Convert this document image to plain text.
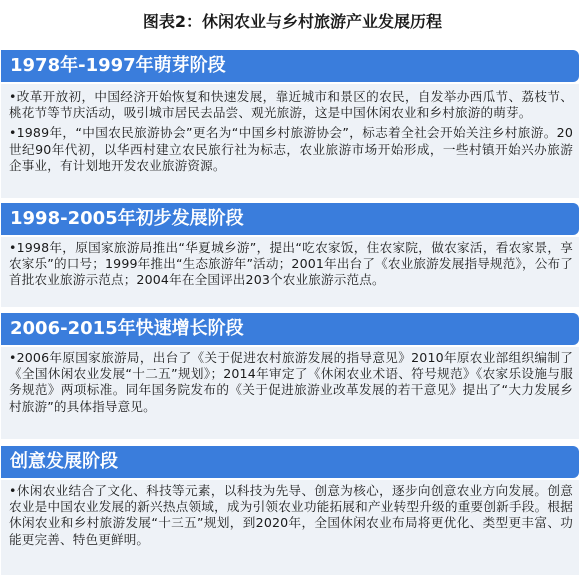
图表2：休闲农业与乡村旅游产业发展历程
1978年-1997年萌芽阶段

•改革开放初，中国经济开始恢复和快速发展，靠近城市和景区的农民，自发举办西瓜节、荔枝节、桃花节等节庆活动，吸引城市居民去品尝、观光旅游，这是中国休闲农业和乡村旅游的萌芽。

•1989年，“中国农民旅游协会”更名为“中国乡村旅游协会”，标志着全社会开始关注乡村旅游。20世纪90年代初，以华西村建立农民旅行社为标志，农业旅游市场开始形成，一些村镇开始兴办旅游企事业，有计划地开发农业旅游资源。

1998-2005年初步发展阶段

•1998年，原国家旅游局推出“华夏城乡游”，提出“吃农家饭，住农家院，做农家活，看农家景，享农家乐”的口号；1999年推出“生态旅游年”活动；2001年出台了《农业旅游发展指导规范》，公布了首批农业旅游示范点；2004年在全国评出203个农业旅游示范点。

2006-2015年快速增长阶段

•2006年原国家旅游局，出台了《关于促进农村旅游发展的指导意见》2010年原农业部组织编制了《全国休闲农业发展“十二五”规划》；2014年审定了《休闲农业术语、符号规范》《农家乐设施与服务规范》两项标准。同年国务院发布的《关于促进旅游业改革发展的若干意见》提出了“大力发展乡村旅游”的具体指导意见。

创意发展阶段

•休闲农业结合了文化、科技等元素，以科技为先导、创意为核心，逐步向创意农业方向发展。创意农业是中国农业发展的新兴热点领域，成为引领农业功能拓展和产业转型升级的重要创新手段。根据休闲农业和乡村旅游发展“十三五”规划，到2020年，全国休闲农业布局将更优化、类型更丰富、功能更完善、特色更鲜明。
